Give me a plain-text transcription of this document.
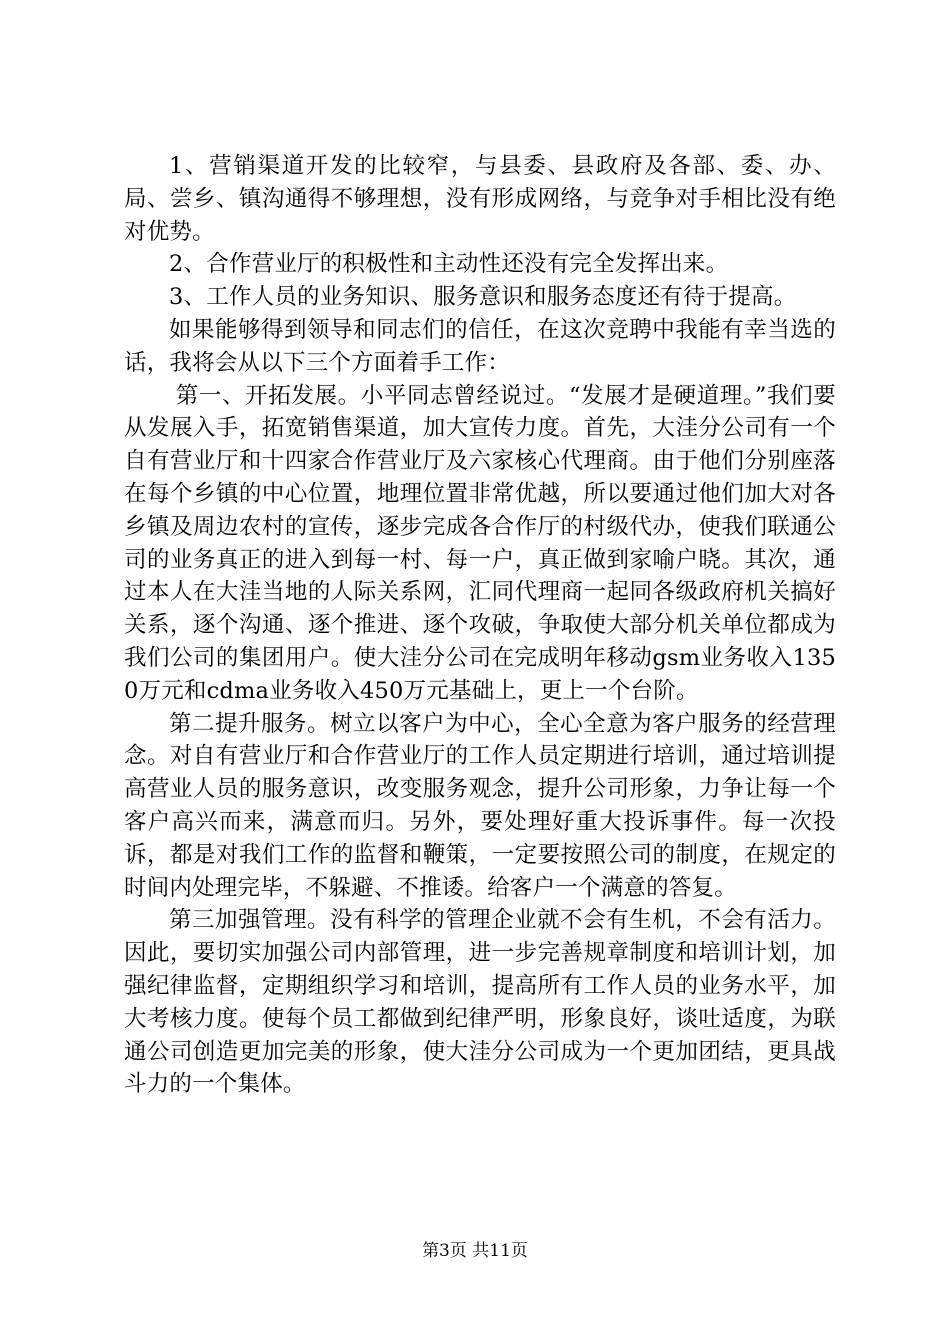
1、营销渠道开发的比较窄，与县委、县政府及各部、委、办、局、尝乡、镇沟通得不够理想，没有形成网络，与竞争对手相比没有绝对优势。

2、合作营业厅的积极性和主动性还没有完全发挥出来。

3、工作人员的业务知识、服务意识和服务态度还有待于提高。

如果能够得到领导和同志们的信任，在这次竞聘中我能有幸当选的话，我将会从以下三个方面着手工作：

第一、开拓发展。小平同志曾经说过。“发展才是硬道理。”我们要从发展入手，拓宽销售渠道，加大宣传力度。首先，大洼分公司有一个自有营业厅和十四家合作营业厅及六家核心代理商。由于他们分别座落在每个乡镇的中心位置，地理位置非常优越，所以要通过他们加大对各乡镇及周边农村的宣传，逐步完成各合作厅的村级代办，使我们联通公司的业务真正的进入到每一村、每一户，真正做到家喻户晓。其次，通过本人在大洼当地的人际关系网，汇同代理商一起同各级政府机关搞好关系，逐个沟通、逐个推进、逐个攻破，争取使大部分机关单位都成为我们公司的集团用户。使大洼分公司在完成明年移动gsm业务收入1350万元和cdma业务收入450万元基础上，更上一个台阶。

第二提升服务。树立以客户为中心，全心全意为客户服务的经营理念。对自有营业厅和合作营业厅的工作人员定期进行培训，通过培训提高营业人员的服务意识，改变服务观念，提升公司形象，力争让每一个客户高兴而来，满意而归。另外，要处理好重大投诉事件。每一次投诉，都是对我们工作的监督和鞭策，一定要按照公司的制度，在规定的时间内处理完毕，不躲避、不推诿。给客户一个满意的答复。

第三加强管理。没有科学的管理企业就不会有生机，不会有活力。因此，要切实加强公司内部管理，进一步完善规章制度和培训计划，加强纪律监督，定期组织学习和培训，提高所有工作人员的业务水平，加大考核力度。使每个员工都做到纪律严明，形象良好，谈吐适度，为联通公司创造更加完美的形象，使大洼分公司成为一个更加团结，更具战斗力的一个集体。

第3页 共11页
